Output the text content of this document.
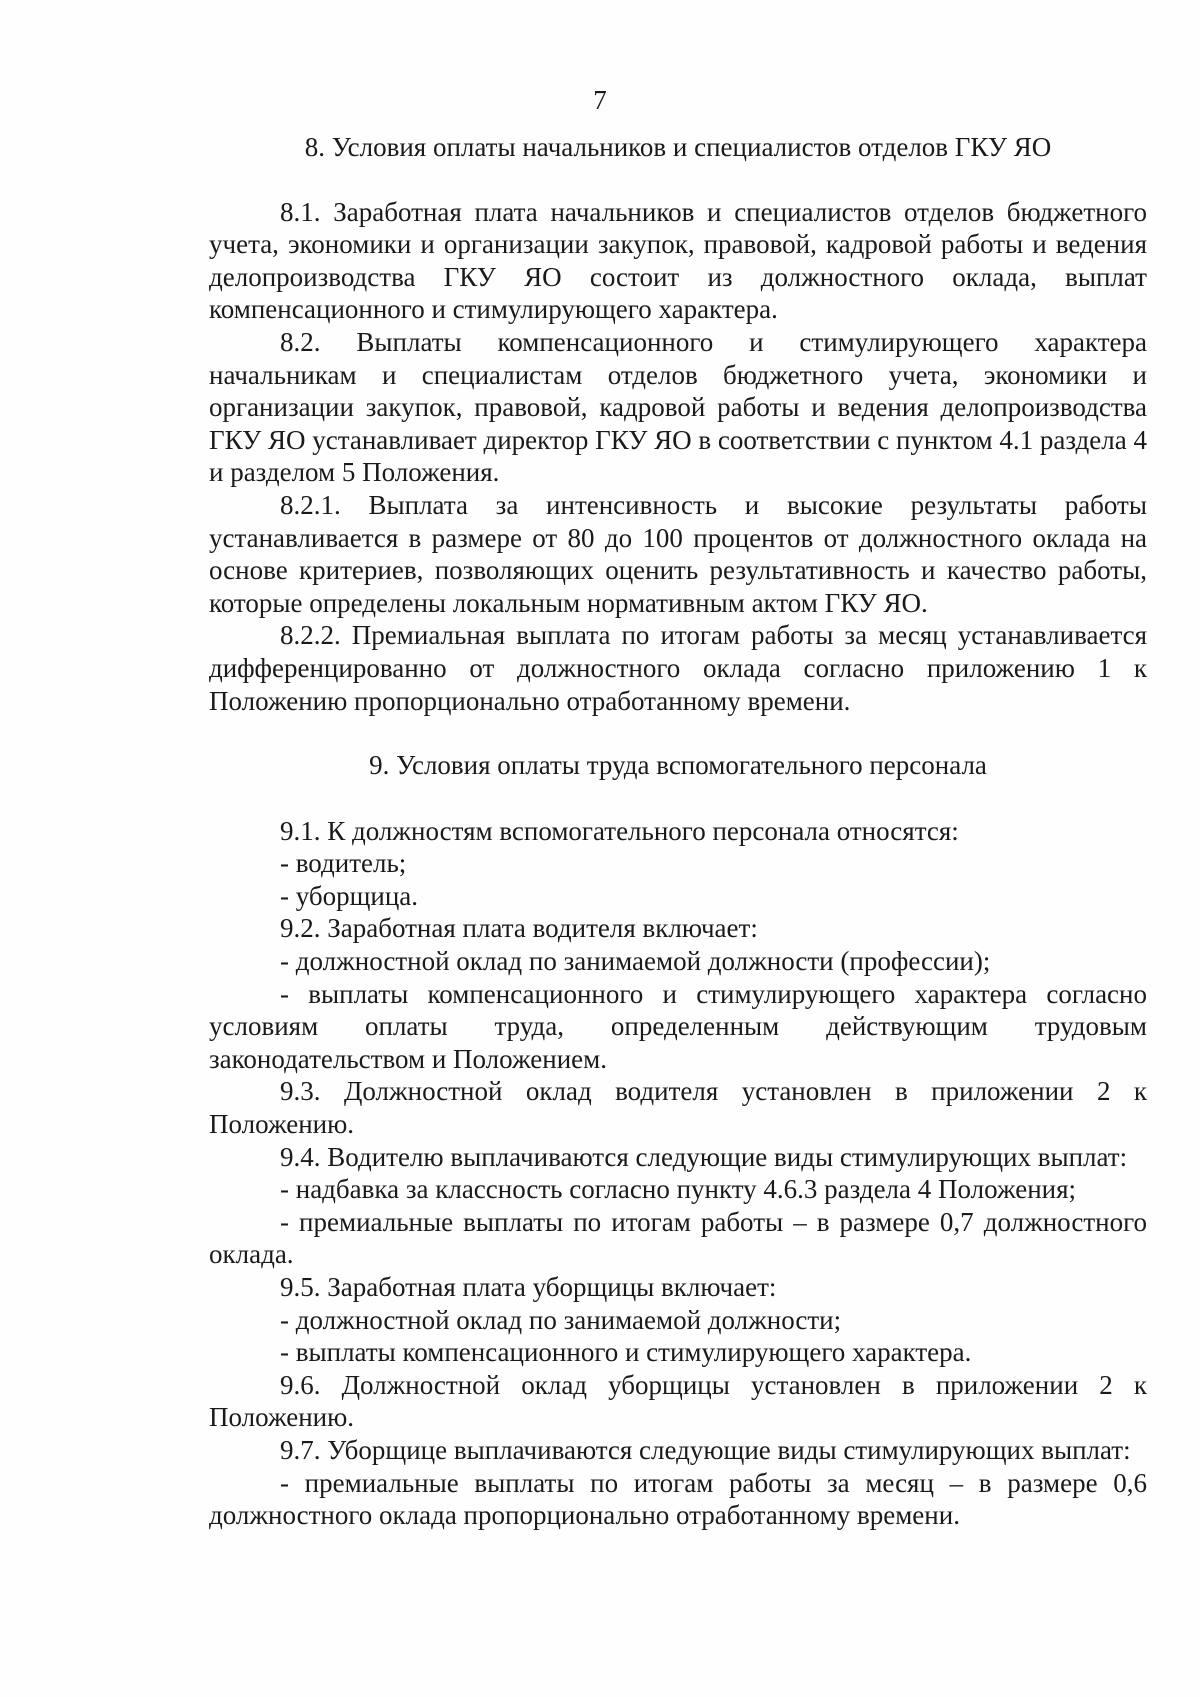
7

8. Условия оплаты начальников и специалистов отделов ГКУ ЯО

8.1. Заработная плата начальников и специалистов отделов бюджетного учета, экономики и организации закупок, правовой, кадровой работы и ведения делопроизводства ГКУ ЯО состоит из должностного оклада, выплат компенсационного и стимулирующего характера.

8.2. Выплаты компенсационного и стимулирующего характера начальникам и специалистам отделов бюджетного учета, экономики и организации закупок, правовой, кадровой работы и ведения делопроизводства ГКУ ЯО устанавливает директор ГКУ ЯО в соответствии с пунктом 4.1 раздела 4 и разделом 5 Положения.

8.2.1. Выплата за интенсивность и высокие результаты работы устанавливается в размере от 80 до 100 процентов от должностного оклада на основе критериев, позволяющих оценить результативность и качество работы, которые определены локальным нормативным актом ГКУ ЯО.

8.2.2. Премиальная выплата по итогам работы за месяц устанавливается дифференцированно от должностного оклада согласно приложению 1 к Положению пропорционально отработанному времени.

9. Условия оплаты труда вспомогательного персонала

9.1. К должностям вспомогательного персонала относятся:

- водитель;

- уборщица.

9.2. Заработная плата водителя включает:

- должностной оклад по занимаемой должности (профессии);

- выплаты компенсационного и стимулирующего характера согласно условиям оплаты труда, определенным действующим трудовым законодательством и Положением.

9.3. Должностной оклад водителя установлен в приложении 2 к Положению.

9.4. Водителю выплачиваются следующие виды стимулирующих выплат:

- надбавка за классность согласно пункту 4.6.3 раздела 4 Положения;

- премиальные выплаты по итогам работы – в размере 0,7 должностного оклада.

9.5. Заработная плата уборщицы включает:

- должностной оклад по занимаемой должности;

- выплаты компенсационного и стимулирующего характера.

9.6. Должностной оклад уборщицы установлен в приложении 2 к Положению.

9.7. Уборщице выплачиваются следующие виды стимулирующих выплат:

- премиальные выплаты по итогам работы за месяц – в размере 0,6 должностного оклада пропорционально отработанному времени.
